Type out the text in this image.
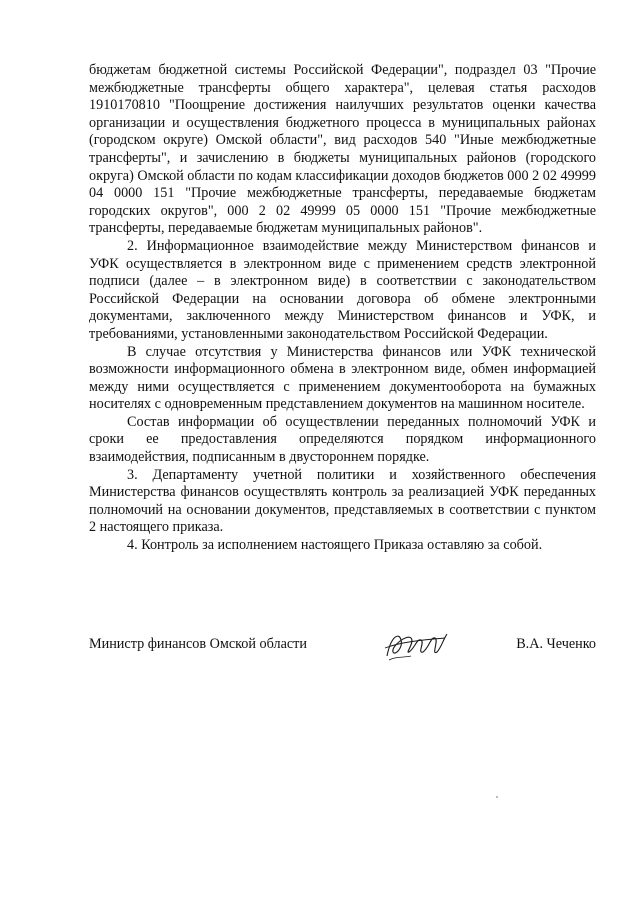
бюджетам бюджетной системы Российской Федерации", подраздел 03 "Прочие межбюджетные трансферты общего характера", целевая статья расходов 1910170810 "Поощрение достижения наилучших результатов оценки качества организации и осуществления бюджетного процесса в муниципальных районах (городском округе) Омской области", вид расходов 540 "Иные межбюджетные трансферты", и зачислению в бюджеты муниципальных районов (городского округа) Омской области по кодам классификации доходов бюджетов 000 2 02 49999 04 0000 151 "Прочие межбюджетные трансферты, передаваемые бюджетам городских округов", 000 2 02 49999 05 0000 151 "Прочие межбюджетные трансферты, передаваемые бюджетам муниципальных районов".

2. Информационное взаимодействие между Министерством финансов и УФК осуществляется в электронном виде с применением средств электронной подписи (далее – в электронном виде) в соответствии с законодательством Российской Федерации на основании договора об обмене электронными документами, заключенного между Министерством финансов и УФК, и требованиями, установленными законодательством Российской Федерации.

В случае отсутствия у Министерства финансов или УФК технической возможности информационного обмена в электронном виде, обмен информацией между ними осуществляется с применением документооборота на бумажных носителях с одновременным представлением документов на машинном носителе.

Состав информации об осуществлении переданных полномочий УФК и сроки ее предоставления определяются порядком информационного взаимодействия, подписанным в двустороннем порядке.

3. Департаменту учетной политики и хозяйственного обеспечения Министерства финансов осуществлять контроль за реализацией УФК переданных полномочий на основании документов, представляемых в соответствии с пунктом 2 настоящего приказа.

4. Контроль за исполнением настоящего Приказа оставляю за собой.

Министр финансов Омской области	В.А. Чеченко
